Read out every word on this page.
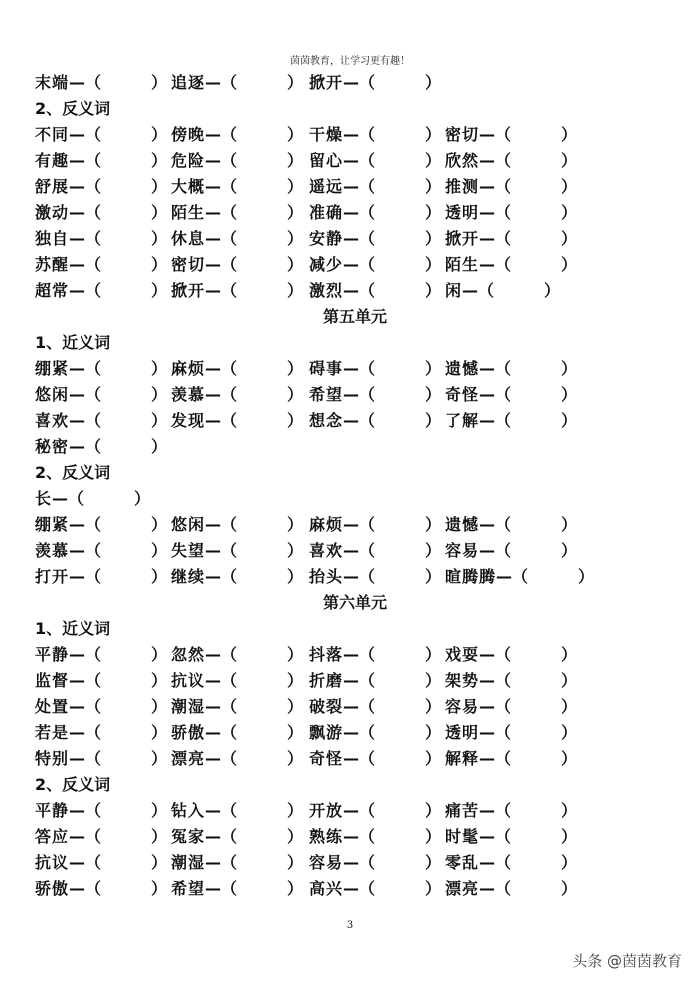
茵茵教育，让学习更有趣！
末端—（	） 追逐—（	） 掀开—（	）
2、反义词
不同—（	） 傍晚—（	） 干燥—（	） 密切—（	）
有趣—（	） 危险—（	） 留心—（	） 欣然—（	）
舒展—（	） 大概—（	） 遥远—（	） 推测—（	）
激动—（	） 陌生—（	） 准确—（	） 透明—（	）
独自—（	） 休息—（	） 安静—（	） 掀开—（	）
苏醒—（	） 密切—（	） 减少—（	） 陌生—（	）
超常—（	） 掀开—（	） 激烈—（	） 闲—（	）
第五单元
1、近义词
绷紧—（	） 麻烦—（	） 碍事—（	） 遗憾—（	）
悠闲—（	） 羡慕—（	） 希望—（	） 奇怪—（	）
喜欢—（	） 发现—（	） 想念—（	） 了解—（	）
秘密—（	）
2、反义词
长—（	）
绷紧—（	） 悠闲—（	） 麻烦—（	） 遗憾—（	）
羡慕—（	） 失望—（	） 喜欢—（	） 容易—（	）
打开—（	） 继续—（	） 抬头—（	） 暄腾腾—（	）
第六单元
1、近义词
平静—（	） 忽然—（	） 抖落—（	） 戏耍—（	）
监督—（	） 抗议—（	） 折磨—（	） 架势—（	）
处置—（	） 潮湿—（	） 破裂—（	） 容易—（	）
若是—（	） 骄傲—（	） 飘游—（	） 透明—（	）
特别—（	） 漂亮—（	） 奇怪—（	） 解释—（	）
2、反义词
平静—（	） 钻入—（	） 开放—（	） 痛苦—（	）
答应—（	） 冤家—（	） 熟练—（	） 时髦—（	）
抗议—（	） 潮湿—（	） 容易—（	） 零乱—（	）
骄傲—（	） 希望—（	） 高兴—（	） 漂亮—（	）
3
头条 @茵茵教育
